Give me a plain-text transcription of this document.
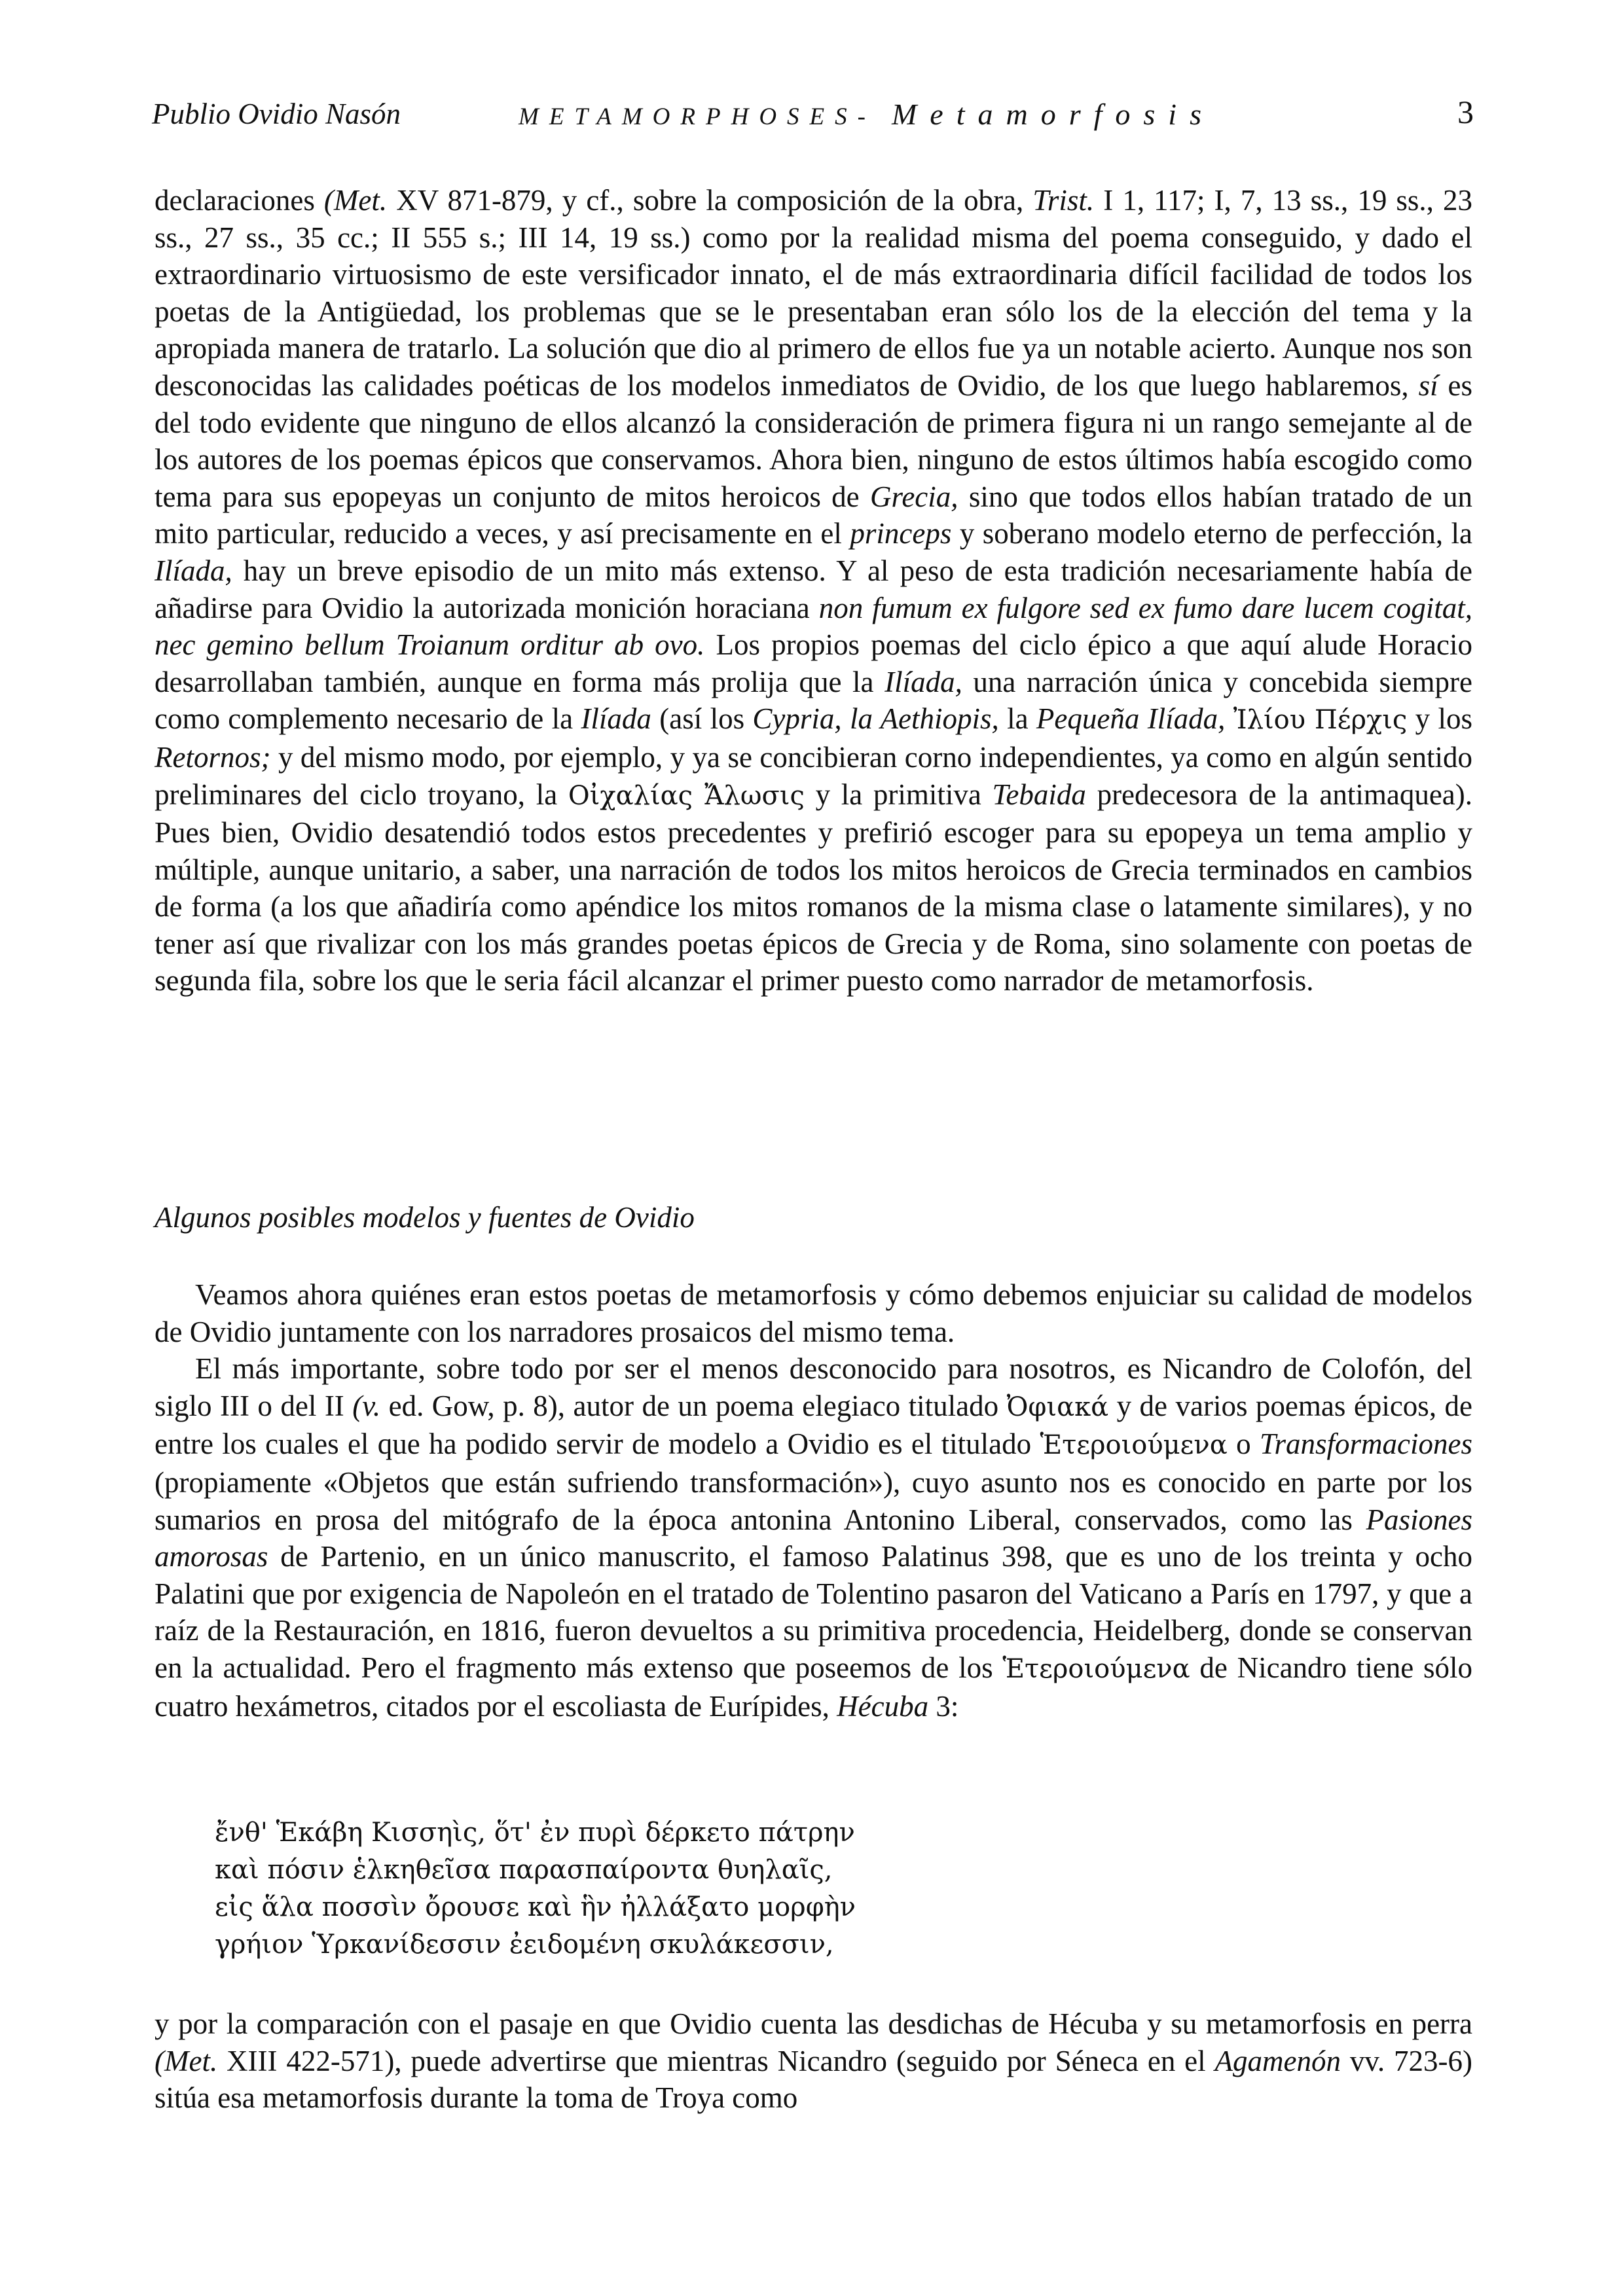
Publio Ovidio Nasón	METAMORPHOSES- Metamorfosis	3

declaraciones (Met. XV 871-879, y cf., sobre la composición de la obra, Trist. I 1, 117; I, 7, 13 ss., 19 ss., 23 ss., 27 ss., 35 cc.; II 555 s.; III 14, 19 ss.) como por la realidad misma del poema conseguido, y dado el extraordinario virtuosismo de este versificador innato, el de más extraordinaria difícil facilidad de todos los poetas de la Antigüedad, los problemas que se le presentaban eran sólo los de la elección del tema y la apropiada manera de tratarlo. La solución que dio al primero de ellos fue ya un notable acierto. Aunque nos son desconocidas las calidades poéticas de los modelos inmediatos de Ovidio, de los que luego hablaremos, sí es del todo evidente que ninguno de ellos alcanzó la consideración de primera figura ni un rango semejante al de los autores de los poemas épicos que conservamos. Ahora bien, ninguno de estos últimos había escogido como tema para sus epopeyas un conjunto de mitos heroicos de Grecia, sino que todos ellos habían tratado de un mito particular, reducido a veces, y así precisamente en el princeps y soberano modelo eterno de perfección, la Ilíada, hay un breve episodio de un mito más extenso. Y al peso de esta tradición necesariamente había de añadirse para Ovidio la autorizada monición horaciana non fumum ex fulgore sed ex fumo dare lucem cogitat, nec gemino bellum Troianum orditur ab ovo. Los propios poemas del ciclo épico a que aquí alude Horacio desarrollaban también, aunque en forma más prolija que la Ilíada, una narración única y concebida siempre como complemento necesario de la Ilíada (así los Cypria, la Aethiopis, la Pequeña Ilíada, Ἰλίου Πέρχις y los Retornos; y del mismo modo, por ejemplo, y ya se concibieran corno independientes, ya como en algún sentido preliminares del ciclo troyano, la Οἰχαλίας Ἄλωσις y la primitiva Tebaida predecesora de la antimaquea). Pues bien, Ovidio desatendió todos estos precedentes y prefirió escoger para su epopeya un tema amplio y múltiple, aunque unitario, a saber, una narración de todos los mitos heroicos de Grecia terminados en cambios de forma (a los que añadiría como apéndice los mitos romanos de la misma clase o latamente similares), y no tener así que rivalizar con los más grandes poetas épicos de Grecia y de Roma, sino solamente con poetas de segunda fila, sobre los que le seria fácil alcanzar el primer puesto como narrador de metamorfosis.

Algunos posibles modelos y fuentes de Ovidio

Veamos ahora quiénes eran estos poetas de metamorfosis y cómo debemos enjuiciar su calidad de modelos de Ovidio juntamente con los narradores prosaicos del mismo tema.

El más importante, sobre todo por ser el menos desconocido para nosotros, es Nicandro de Colofón, del siglo III o del II (v. ed. Gow, p. 8), autor de un poema elegiaco titulado Ὀφιακά y de varios poemas épicos, de entre los cuales el que ha podido servir de modelo a Ovidio es el titulado Ἑτεροιούμενα o Transformaciones (propiamente «Objetos que están sufriendo transformación»), cuyo asunto nos es conocido en parte por los sumarios en prosa del mitógrafo de la época antonina Antonino Liberal, conservados, como las Pasiones amorosas de Partenio, en un único manuscrito, el famoso Palatinus 398, que es uno de los treinta y ocho Palatini que por exigencia de Napoleón en el tratado de Tolentino pasaron del Vaticano a París en 1797, y que a raíz de la Restauración, en 1816, fueron devueltos a su primitiva procedencia, Heidelberg, donde se conservan en la actualidad. Pero el fragmento más extenso que poseemos de los Ἑτεροιούμενα de Nicandro tiene sólo cuatro hexámetros, citados por el escoliasta de Eurípides, Hécuba 3:

ἔνθ' Ἑκάβη Κισσηὶς, ὅτ' ἐν πυρὶ δέρκετο πάτρην
καὶ πόσιν ἑλκηθεῖσα παρασπαίροντα θυηλαῖς,
εἰς ἅλα ποσσὶν ὄρουσε καὶ ἣν ἠλλάξατο μορφὴν
γρήιον Ὑρκανίδεσσιν ἐειδομένη σκυλάκεσσιν,

y por la comparación con el pasaje en que Ovidio cuenta las desdichas de Hécuba y su metamorfosis en perra (Met. XIII 422-571), puede advertirse que mientras Nicandro (seguido por Séneca en el Agamenón vv. 723-6) sitúa esa metamorfosis durante la toma de Troya como
